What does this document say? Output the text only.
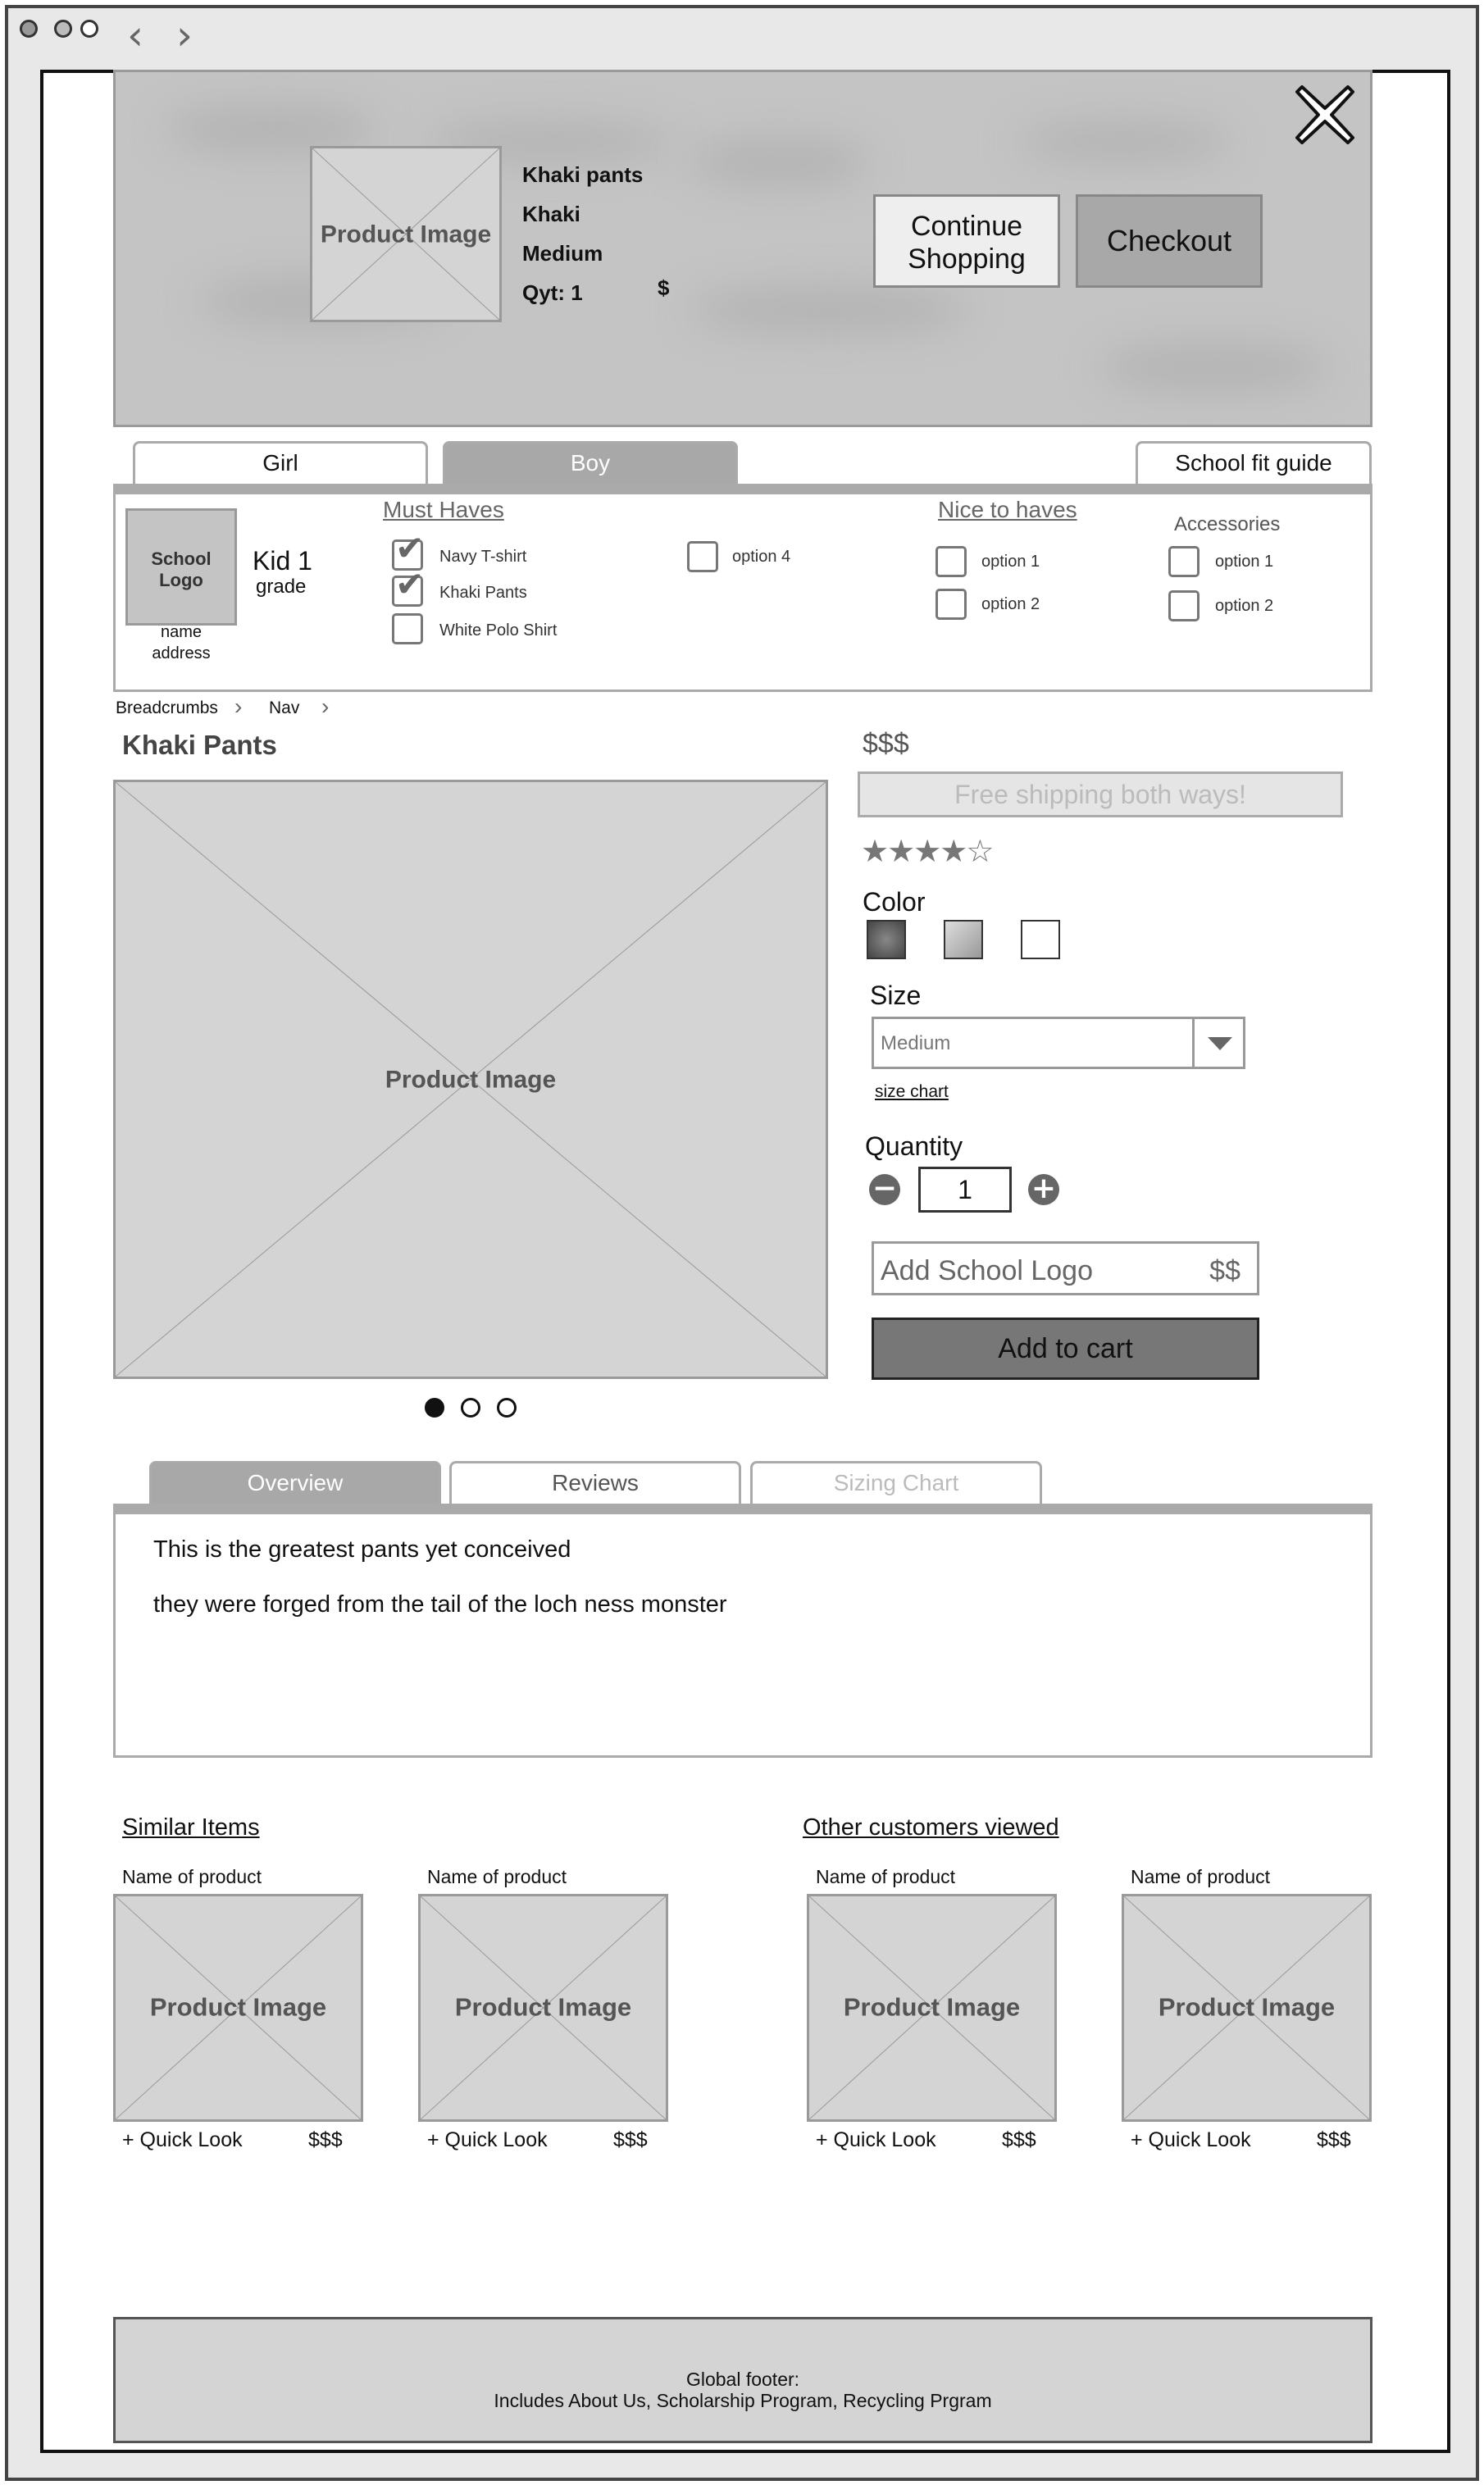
‹ ›
Product Image
Khaki pants
Khaki
Medium
Qyt: 1	$
Continue Shopping
Checkout
Girl	Boy	School fit guide
School Logo
Kid 1
grade
name
address
Must Haves
✔ Navy T-shirt
✔ Khaki Pants
White Polo Shirt
option 4
Nice to haves
option 1
option 2
Accessories
option 1
option 2
Breadcrumbs › Nav ›
Khaki Pants
Product Image
$$$
Free shipping both ways!
★★★★☆
Color
Size
Medium
size chart
Quantity
−	1	+
Add School Logo	$$
Add to cart
Overview	Reviews	Sizing Chart
This is the greatest pants yet conceived
they were forged from the tail of the loch ness monster
Similar Items	Other customers viewed
Name of product
Product Image
+ Quick Look	$$$
Name of product
Product Image
+ Quick Look	$$$
Name of product
Product Image
+ Quick Look	$$$
Name of product
Product Image
+ Quick Look	$$$
Global footer:
Includes About Us, Scholarship Program, Recycling Prgram
